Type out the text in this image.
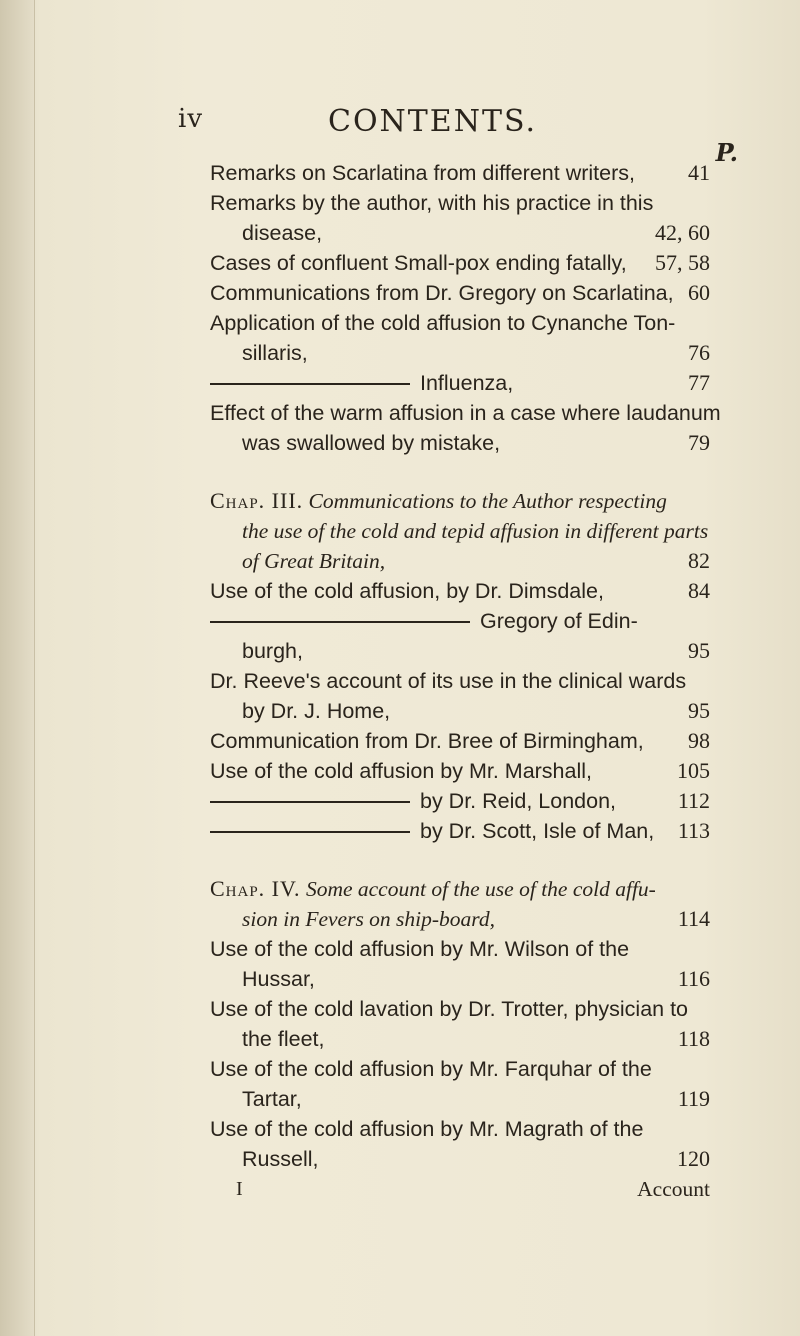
iv	CONTENTS.
P.
Remarks on Scarlatina from different writers, 41
Remarks by the author, with his practice in this
disease,	42, 60
Cases of confluent Small-pox ending fatally, 57, 58
Communications from Dr. Gregory on Scarlatina, 60
Application of the cold affusion to Cynanche Ton-
sillaris,	76
Influenza,	77
Effect of the warm affusion in a case where laudanum
was swallowed by mistake,	79
Chap. III. Communications to the Author respecting
the use of the cold and tepid affusion in different parts
of Great Britain,	82
Use of the cold affusion, by Dr. Dimsdale,	84
Gregory of Edin-
burgh,	95
Dr. Reeve's account of its use in the clinical wards
by Dr. J. Home,	95
Communication from Dr. Bree of Birmingham, 98
Use of the cold affusion by Mr. Marshall,	105
by Dr. Reid, London,	112
by Dr. Scott, Isle of Man, 113
Chap. IV. Some account of the use of the cold affu-
sion in Fevers on ship-board,	114
Use of the cold affusion by Mr. Wilson of the
Hussar,	116
Use of the cold lavation by Dr. Trotter, physician to
the fleet,	118
Use of the cold affusion by Mr. Farquhar of the
Tartar,	119
Use of the cold affusion by Mr. Magrath of the
Russell,	120
I	Account
